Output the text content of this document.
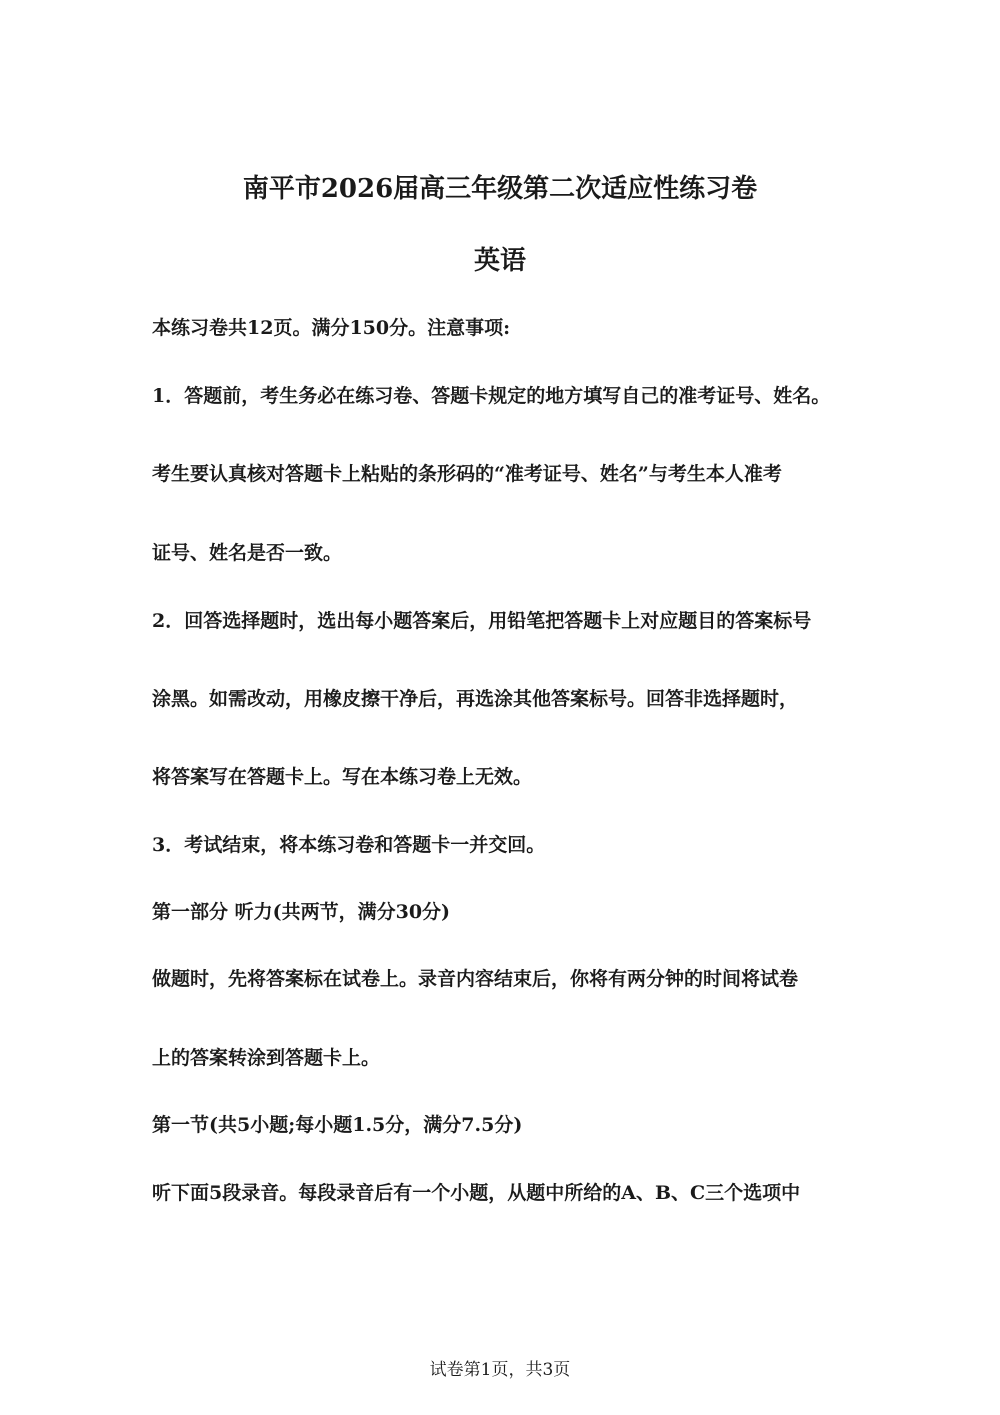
南平市2026届高三年级第二次适应性练习卷
英语
本练习卷共12页。满分150分。注意事项:
1．答题前，考生务必在练习卷、答题卡规定的地方填写自己的准考证号、姓名。
考生要认真核对答题卡上粘贴的条形码的“准考证号、姓名”与考生本人准考
证号、姓名是否一致。
2．回答选择题时，选出每小题答案后，用铅笔把答题卡上对应题目的答案标号
涂黑。如需改动，用橡皮擦干净后，再选涂其他答案标号。回答非选择题时，
将答案写在答题卡上。写在本练习卷上无效。
3．考试结束，将本练习卷和答题卡一并交回。
第一部分 听力(共两节，满分30分)
做题时，先将答案标在试卷上。录音内容结束后，你将有两分钟的时间将试卷
上的答案转涂到答题卡上。
第一节(共5小题;每小题1.5分，满分7.5分)
听下面5段录音。每段录音后有一个小题，从题中所给的A、B、C三个选项中
试卷第1页，共3页
